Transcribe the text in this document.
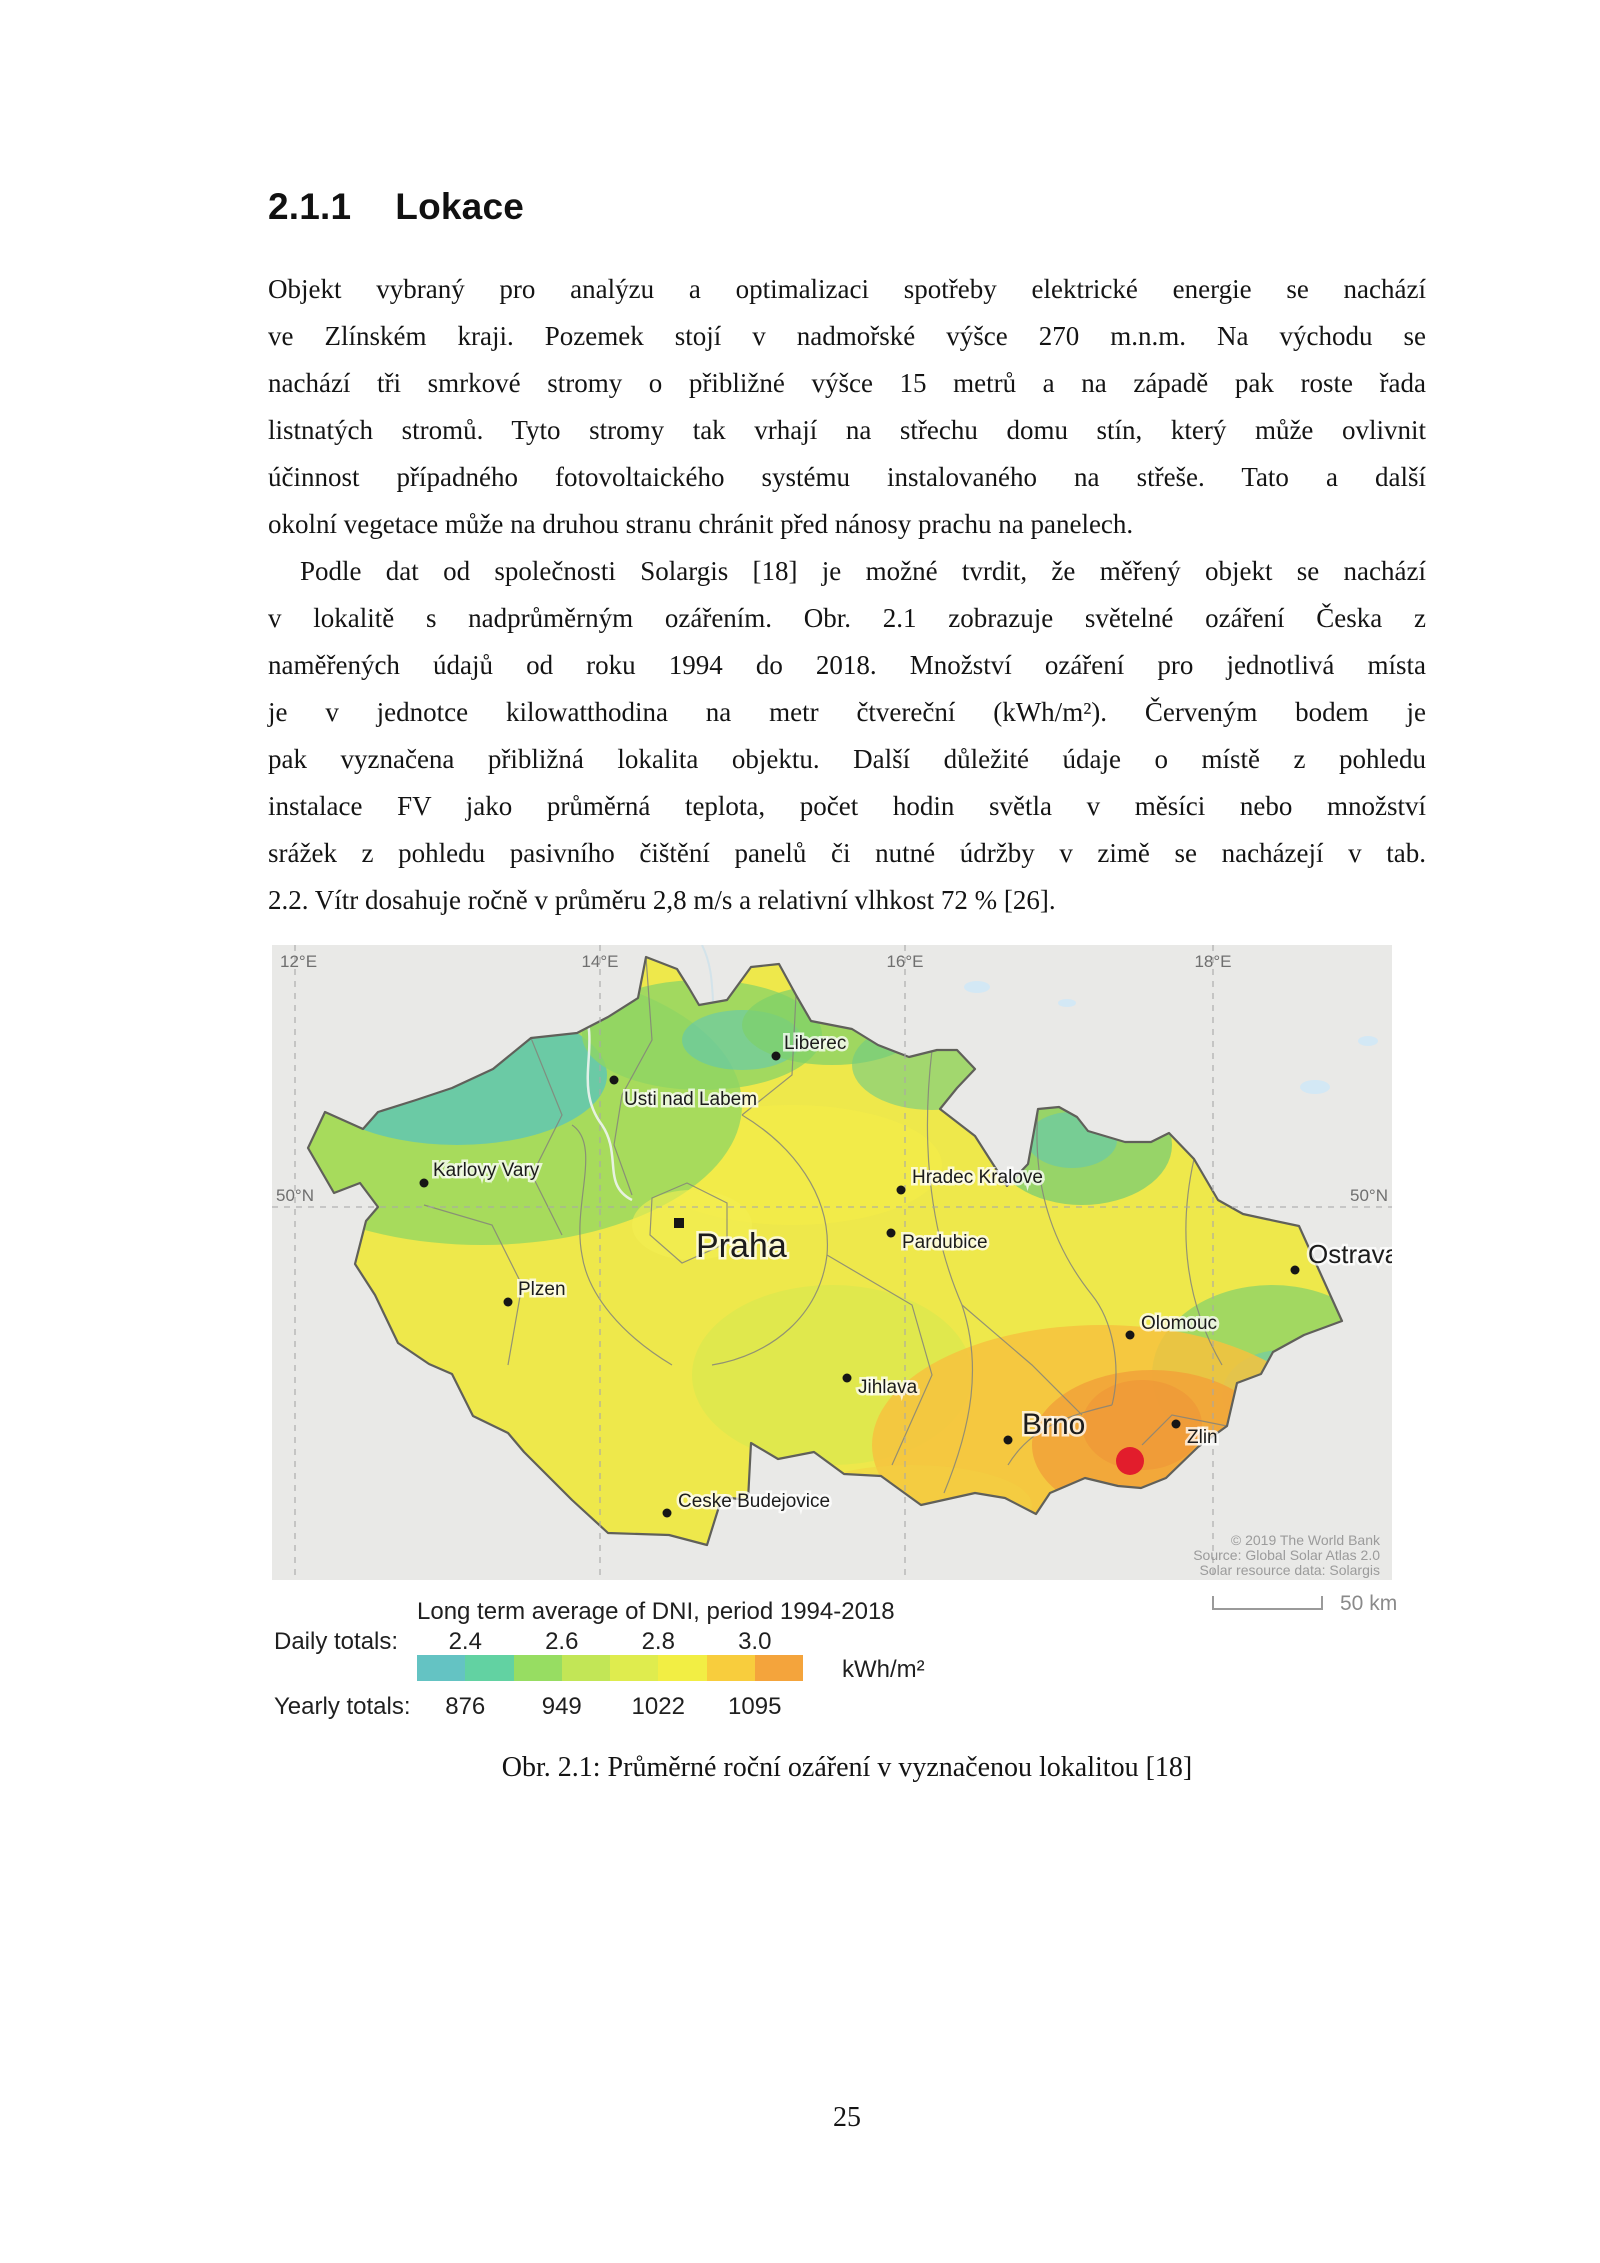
2.1.1 Lokace
Objekt vybraný pro analýzu a optimalizaci spotřeby elektrické energie se nachází
ve Zlínském kraji. Pozemek stojí v nadmořské výšce 270 m.n.m. Na východu se
nachází tři smrkové stromy o přibližné výšce 15 metrů a na západě pak roste řada
listnatých stromů. Tyto stromy tak vrhají na střechu domu stín, který může ovlivnit
účinnost případného fotovoltaického systému instalovaného na střeše. Tato a další
okolní vegetace může na druhou stranu chránit před nánosy prachu na panelech.
Podle dat od společnosti Solargis [18] je možné tvrdit, že měřený objekt se nachází
v lokalitě s nadprůměrným ozářením. Obr. 2.1 zobrazuje světelné ozáření Česka z
naměřených údajů od roku 1994 do 2018. Množství ozáření pro jednotlivá místa
je v jednotce kilowatthodina na metr čtvereční (kWh/m²). Červeným bodem je
pak vyznačena přibližná lokalita objektu. Další důležité údaje o místě z pohledu
instalace FV jako průměrná teplota, počet hodin světla v měsíci nebo množství
srážek z pohledu pasivního čištění panelů či nutné údržby v zimě se nacházejí v tab.
2.2. Vítr dosahuje ročně v průměru 2,8 m/s a relativní vlhkost 72 % [26].
12°E	14°E	16°E	18°E
50°N	50°N
Liberec
Usti nad Labem
Karlovy Vary
Praha
Hradec Kralove
Pardubice	Ostrava
Plzen
Olomouc
Jihlava
Brno	Zlin
Ceske Budejovice
© 2019 The World Bank Source: Global Solar Atlas 2.0 Solar resource data: Solargis
50 km
Long term average of DNI, period 1994-2018
Daily totals: 2.4	2.6	2.8	3.0
kWh/m²
Yearly totals: 876 949 1022 1095
Obr. 2.1: Průměrné roční ozáření v vyznačenou lokalitou [18]
25
